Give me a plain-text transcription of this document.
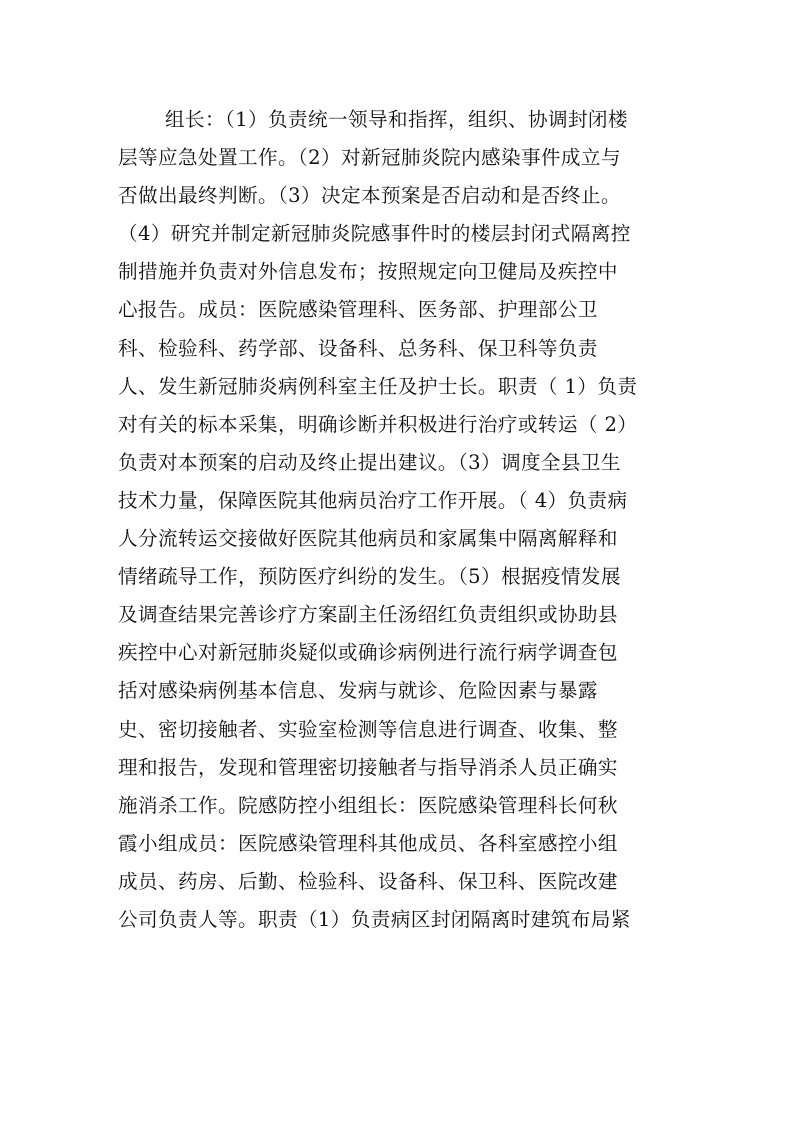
组长：（1）负责统一领导和指挥，组织、协调封闭楼
层等应急处置工作。（2）对新冠肺炎院内感染事件成立与
否做出最终判断。（3）决定本预案是否启动和是否终止。
（4）研究并制定新冠肺炎院感事件时的楼层封闭式隔离控
制措施并负责对外信息发布；按照规定向卫健局及疾控中
心报告。成员：医院感染管理科、医务部、护理部公卫
科、检验科、药学部、设备科、总务科、保卫科等负责
人、发生新冠肺炎病例科室主任及护士长。职责（ 1）负责
对有关的标本采集，明确诊断并积极进行治疗或转运（ 2）
负责对本预案的启动及终止提出建议。（3）调度全县卫生
技术力量，保障医院其他病员治疗工作开展。（ 4）负责病
人分流转运交接做好医院其他病员和家属集中隔离解释和
情绪疏导工作，预防医疗纠纷的发生。（5）根据疫情发展
及调查结果完善诊疗方案副主任汤绍红负责组织或协助县
疾控中心对新冠肺炎疑似或确诊病例进行流行病学调查包
括对感染病例基本信息、发病与就诊、危险因素与暴露
史、密切接触者、实验室检测等信息进行调查、收集、整
理和报告，发现和管理密切接触者与指导消杀人员正确实
施消杀工作。院感防控小组组长：医院感染管理科长何秋
霞小组成员：医院感染管理科其他成员、各科室感控小组
成员、药房、后勤、检验科、设备科、保卫科、医院改建
公司负责人等。职责（1）负责病区封闭隔离时建筑布局紧
